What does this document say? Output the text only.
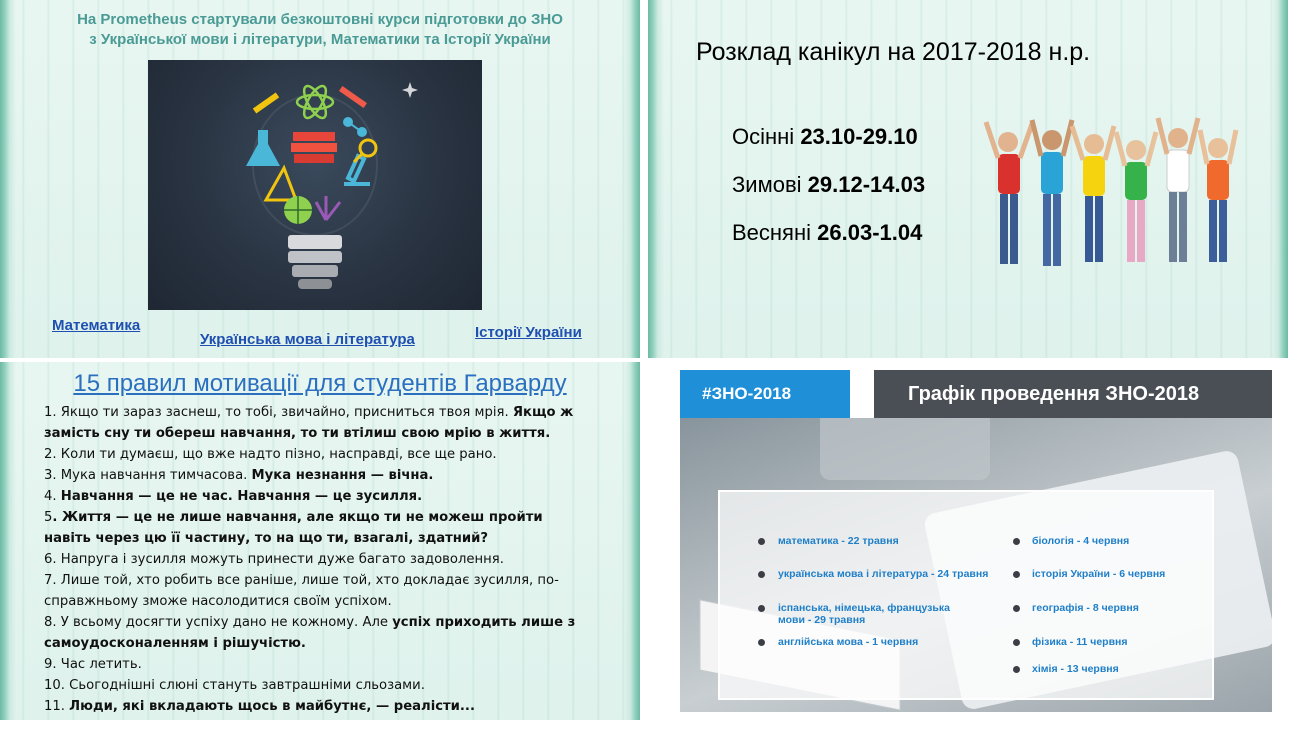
На Prometheus стартували безкоштовні курси підготовки до ЗНО
з Української мови і літератури, Математики та Історії України
Математика
Українська мова і література	Історії України
Розклад канікул на 2017-2018 н.р.
Осінні 23.10-29.10
Зимові 29.12-14.03
Весняні 26.03-1.04
15 правил мотивації для студентів Гарварду
1. Якщо ти зараз заснеш, то тобі, звичайно, присниться твоя мрія. Якщо ж замість сну ти обереш навчання, то ти втілиш свою мрію в життя.
2. Коли ти думаєш, що вже надто пізно, насправді, все ще рано.
3. Мука навчання тимчасова. Мука незнання — вічна.
4. Навчання — це не час. Навчання — це зусилля.
5. Життя — це не лише навчання, але якщо ти не можеш пройти навіть через цю її частину, то на що ти, взагалі, здатний?
6. Напруга і зусилля можуть принести дуже багато задоволення.
7. Лише той, хто робить все раніше, лише той, хто докладає зусилля, по-справжньому зможе насолодитися своїм успіхом.
8. У всьому досягти успіху дано не кожному. Але успіх приходить лише з самоудосконаленням і рішучістю.
9. Час летить.
10. Сьогоднішні слюні стануть завтрашніми сльозами.
11. Люди, які вкладають щось в майбутнє, — реалісти...
#ЗНО-2018	Графік проведення ЗНО-2018
математика - 22 травня
українська мова і література - 24 травня
іспанська, німецька, французька мови - 29 травня
англійська мова - 1 червня
біологія - 4 червня
історія України - 6 червня
географія - 8 червня
фізика - 11 червня
хімія - 13 червня
